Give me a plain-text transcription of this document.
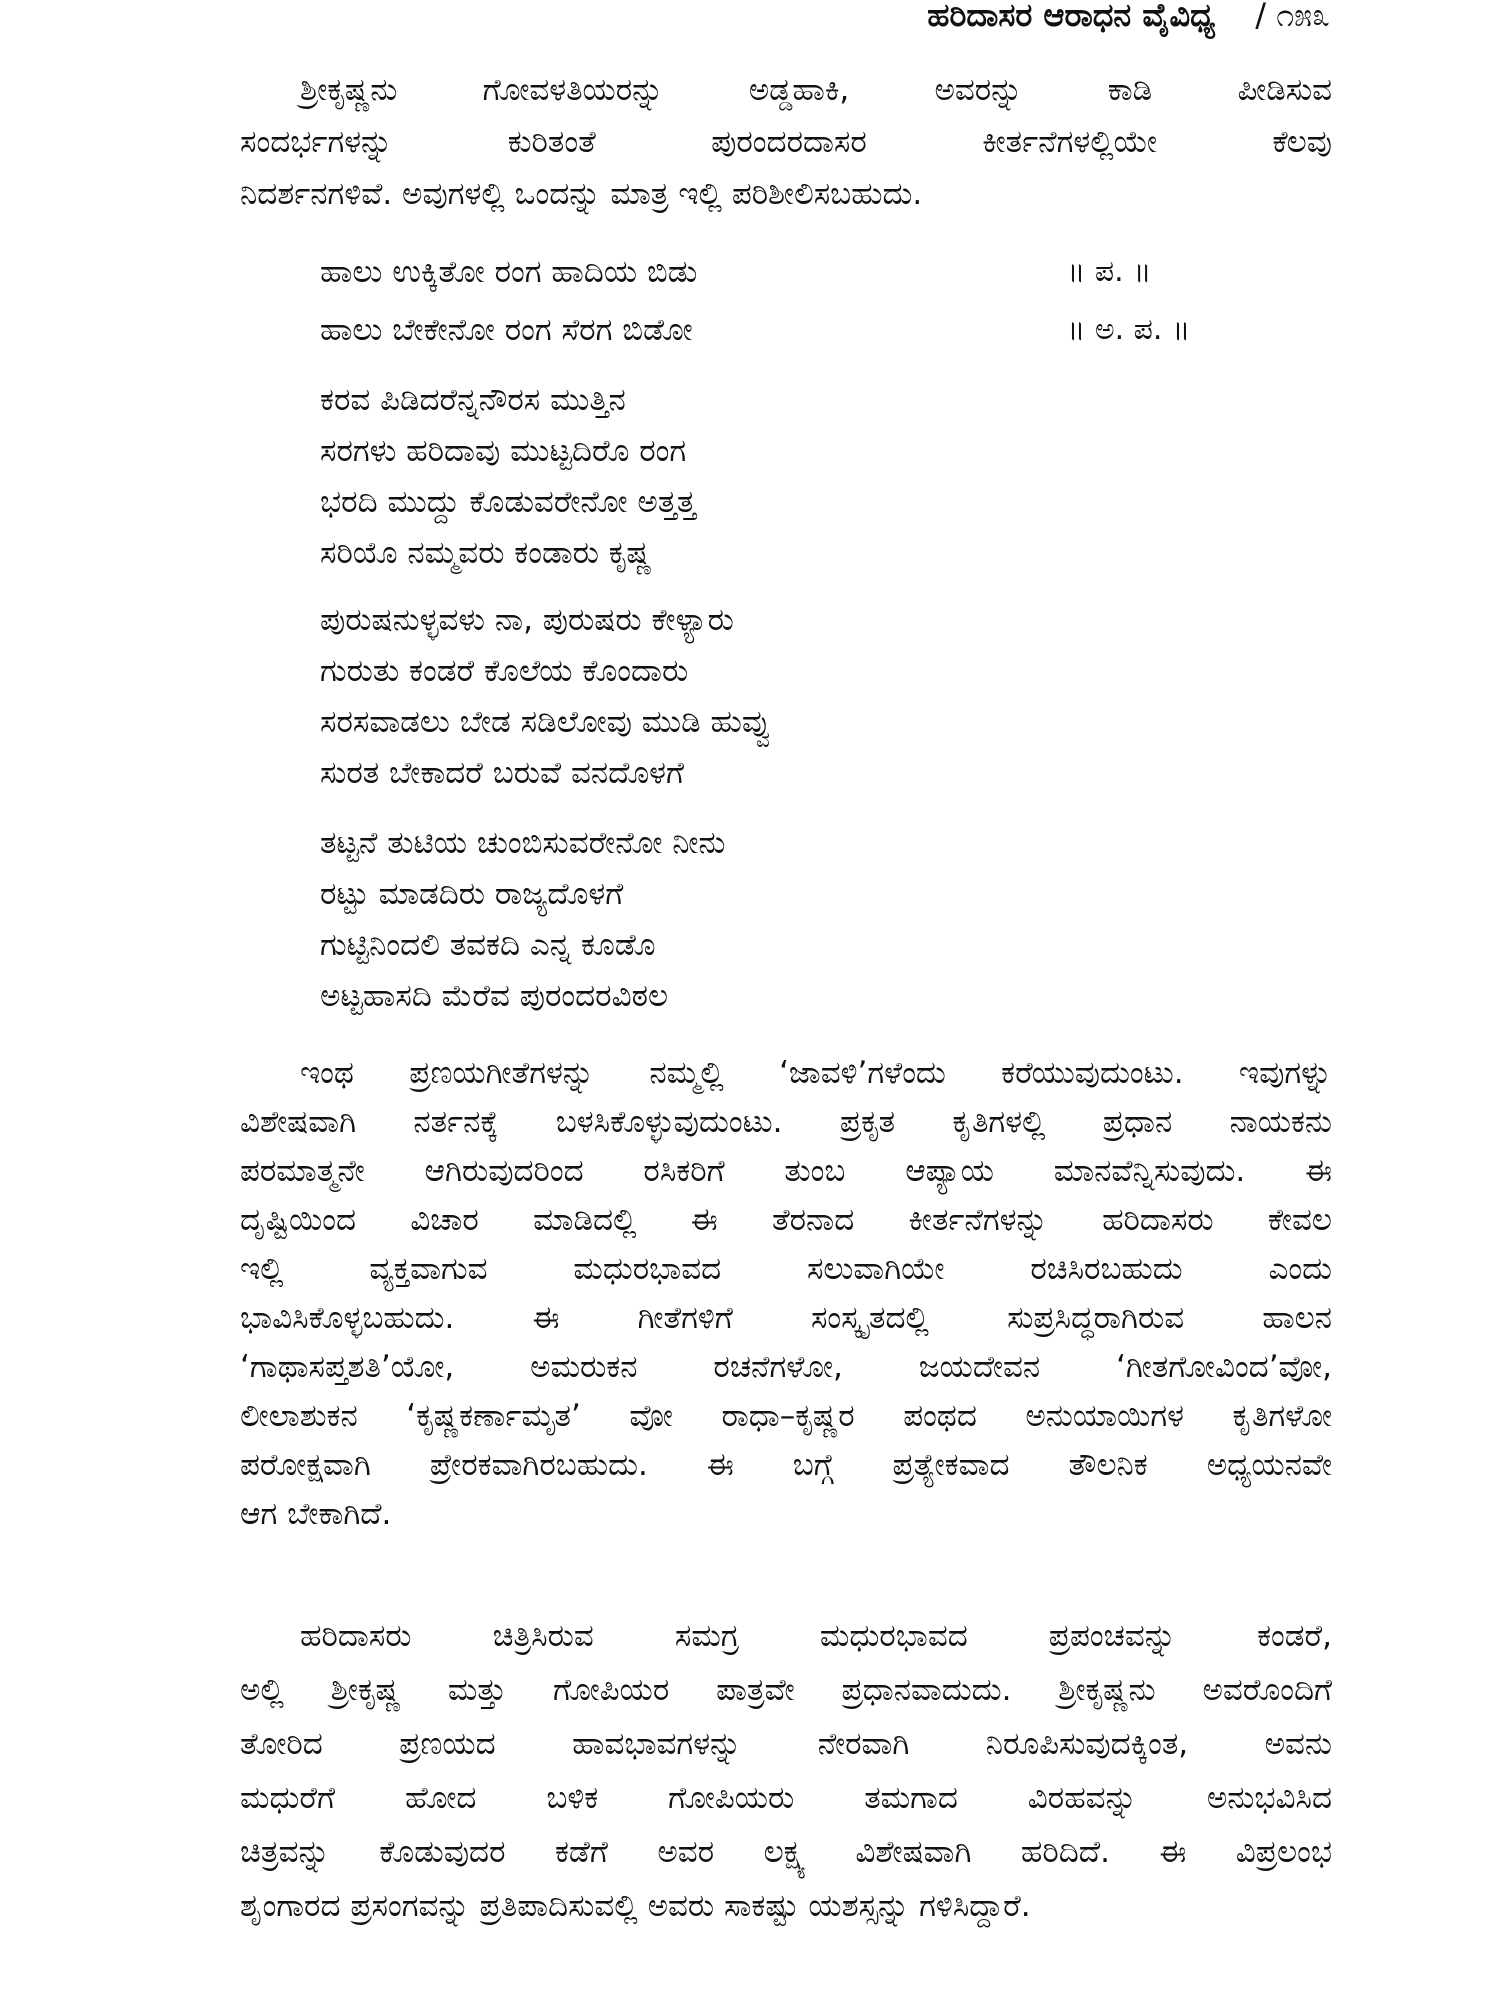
ಹರಿದಾಸರ ಆರಾಧನ ವೈವಿಧ್ಯ / ೧೫೩
ಶ್ರೀಕೃಷ್ಣನು ಗೋವಳತಿಯರನ್ನು ಅಡ್ಡಹಾಕಿ, ಅವರನ್ನು ಕಾಡಿ ಪೀಡಿಸುವ
ಸಂದರ್ಭಗಳನ್ನು ಕುರಿತಂತೆ ಪುರಂದರದಾಸರ ಕೀರ್ತನೆಗಳಲ್ಲಿಯೇ ಕೆಲವು
ನಿದರ್ಶನಗಳಿವೆ. ಅವುಗಳಲ್ಲಿ ಒಂದನ್ನು ಮಾತ್ರ ಇಲ್ಲಿ ಪರಿಶೀಲಿಸಬಹುದು.
ಹಾಲು ಉಕ್ಕಿತೋ ರಂಗ ಹಾದಿಯ ಬಿಡು	॥ ಪ. ॥
ಹಾಲು ಬೇಕೇನೋ ರಂಗ ಸೆರಗ ಬಿಡೋ	॥ ಅ. ಪ. ॥
ಕರವ ಪಿಡಿದರೆನ್ನನೌರಸ ಮುತ್ತಿನ
ಸರಗಳು ಹರಿದಾವು ಮುಟ್ಟದಿರೊ ರಂಗ
ಭರದಿ ಮುದ್ದು ಕೊಡುವರೇನೋ ಅತ್ತತ್ತ
ಸರಿಯೊ ನಮ್ಮವರು ಕಂಡಾರು ಕೃಷ್ಣ
ಪುರುಷನುಳ್ಳವಳು ನಾ, ಪುರುಷರು ಕೇಳ್ಯಾರು
ಗುರುತು ಕಂಡರೆ ಕೊಲೆಯ ಕೊಂದಾರು
ಸರಸವಾಡಲು ಬೇಡ ಸಡಿಲೋವು ಮುಡಿ ಹುವ್ವು
ಸುರತ ಬೇಕಾದರೆ ಬರುವೆ ವನದೊಳಗೆ
ತಟ್ಟನೆ ತುಟಿಯ ಚುಂಬಿಸುವರೇನೋ ನೀನು
ರಟ್ಟು ಮಾಡದಿರು ರಾಜ್ಯದೊಳಗೆ
ಗುಟ್ಟಿನಿಂದಲಿ ತವಕದಿ ಎನ್ನ ಕೂಡೊ
ಅಟ್ಟಹಾಸದಿ ಮೆರೆವ ಪುರಂದರವಿಠಲ
ಇಂಥ ಪ್ರಣಯಗೀತೆಗಳನ್ನು ನಮ್ಮಲ್ಲಿ ‘ಜಾವಳಿ’ಗಳೆಂದು ಕರೆಯುವುದುಂಟು. ಇವುಗಳ್ನು
ವಿಶೇಷವಾಗಿ ನರ್ತನಕ್ಕೆ ಬಳಸಿಕೊಳ್ಳುವುದುಂಟು. ಪ್ರಕೃತ ಕೃತಿಗಳಲ್ಲಿ ಪ್ರಧಾನ ನಾಯಕನು
ಪರಮಾತ್ಮನೇ ಆಗಿರುವುದರಿಂದ ರಸಿಕರಿಗೆ ತುಂಬ ಆಪ್ಯಾಯ ಮಾನವೆನ್ನಿಸುವುದು. ಈ
ದೃಷ್ಟಿಯಿಂದ ವಿಚಾರ ಮಾಡಿದಲ್ಲಿ ಈ ತೆರನಾದ ಕೀರ್ತನೆಗಳನ್ನು ಹರಿದಾಸರು ಕೇವಲ
ಇಲ್ಲಿ ವ್ಯಕ್ತವಾಗುವ ಮಧುರಭಾವದ ಸಲುವಾಗಿಯೇ ರಚಿಸಿರಬಹುದು ಎಂದು
ಭಾವಿಸಿಕೊಳ್ಳಬಹುದು. ಈ ಗೀತೆಗಳಿಗೆ ಸಂಸ್ಕೃತದಲ್ಲಿ ಸುಪ್ರಸಿದ್ಧರಾಗಿರುವ ಹಾಲನ
‘ಗಾಥಾಸಪ್ತಶತಿ’ಯೋ, ಅಮರುಕನ ರಚನೆಗಳೋ, ಜಯದೇವನ ‘ಗೀತಗೋವಿಂದ’ವೋ,
ಲೀಲಾಶುಕನ ‘ಕೃಷ್ಣಕರ್ಣಾಮೃತ’ ವೋ ರಾಧಾ–ಕೃಷ್ಣರ ಪಂಥದ ಅನುಯಾಯಿಗಳ ಕೃತಿಗಳೋ
ಪರೋಕ್ಷವಾಗಿ ಪ್ರೇರಕವಾಗಿರಬಹುದು. ಈ ಬಗ್ಗೆ ಪ್ರತ್ಯೇಕವಾದ ತೌಲನಿಕ ಅಧ್ಯಯನವೇ
ಆಗ ಬೇಕಾಗಿದೆ.
ಹರಿದಾಸರು ಚಿತ್ರಿಸಿರುವ ಸಮಗ್ರ ಮಧುರಭಾವದ ಪ್ರಪಂಚವನ್ನು ಕಂಡರೆ,
ಅಲ್ಲಿ ಶ್ರೀಕೃಷ್ಣ ಮತ್ತು ಗೋಪಿಯರ ಪಾತ್ರವೇ ಪ್ರಧಾನವಾದುದು. ಶ್ರೀಕೃಷ್ಣನು ಅವರೊಂದಿಗೆ
ತೋರಿದ ಪ್ರಣಯದ ಹಾವಭಾವಗಳನ್ನು ನೇರವಾಗಿ ನಿರೂಪಿಸುವುದಕ್ಕಿಂತ, ಅವನು
ಮಧುರೆಗೆ ಹೋದ ಬಳಿಕ ಗೋಪಿಯರು ತಮಗಾದ ವಿರಹವನ್ನು ಅನುಭವಿಸಿದ
ಚಿತ್ರವನ್ನು ಕೊಡುವುದರ ಕಡೆಗೆ ಅವರ ಲಕ್ಷ್ಯ ವಿಶೇಷವಾಗಿ ಹರಿದಿದೆ. ಈ ವಿಪ್ರಲಂಭ
ಶೃಂಗಾರದ ಪ್ರಸಂಗವನ್ನು ಪ್ರತಿಪಾದಿಸುವಲ್ಲಿ ಅವರು ಸಾಕಷ್ಟು ಯಶಸ್ಸನ್ನು ಗಳಿಸಿದ್ದಾರೆ.
